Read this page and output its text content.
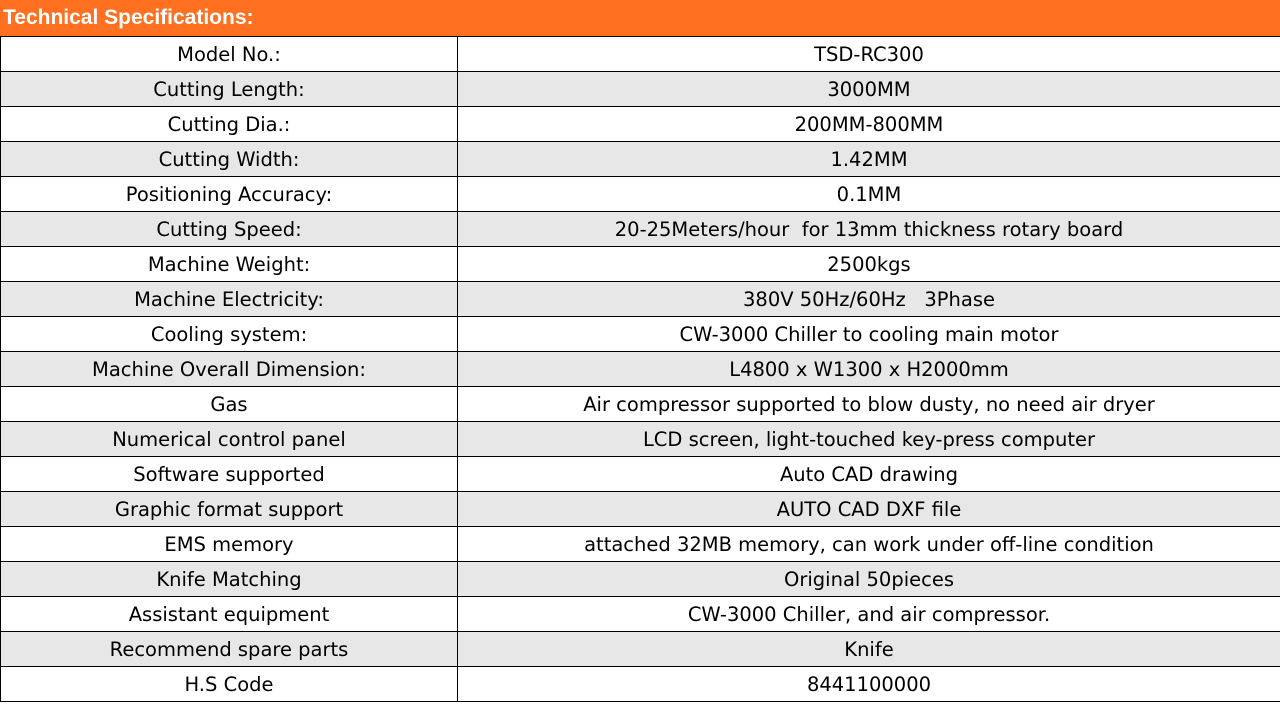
Technical Specifications:
Model No.:	TSD-RC300
Cutting Length:	3000MM
Cutting Dia.:	200MM-800MM
Cutting Width:	1.42MM
Positioning Accuracy:	0.1MM
Cutting Speed:	20-25Meters/hour  for 13mm thickness rotary board
Machine Weight:	2500kgs
Machine Electricity:	380V 50Hz/60Hz   3Phase
Cooling system:	CW-3000 Chiller to cooling main motor
Machine Overall Dimension:	L4800 x W1300 x H2000mm
Gas	Air compressor supported to blow dusty, no need air dryer
Numerical control panel	LCD screen, light-touched key-press computer
Software supported	Auto CAD drawing
Graphic format support	AUTO CAD DXF file
EMS memory	attached 32MB memory, can work under off-line condition
Knife Matching	Original 50pieces
Assistant equipment	CW-3000 Chiller, and air compressor.
Recommend spare parts	Knife
H.S Code	8441100000
